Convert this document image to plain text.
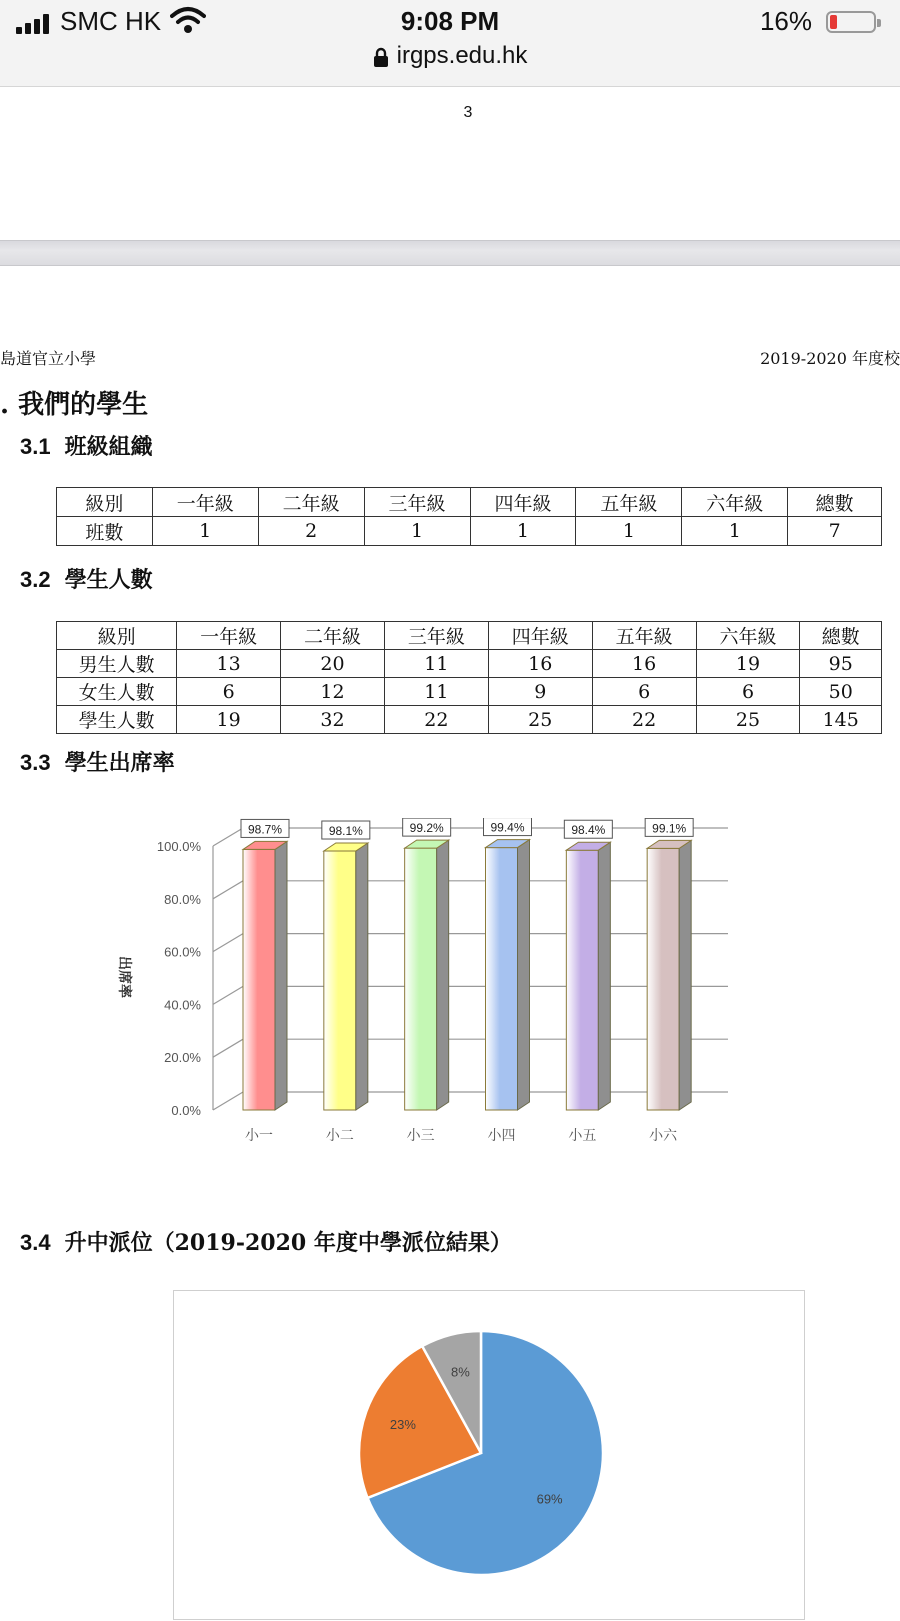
SMC HK	9:08 PM	16%
irgps.edu.hk
3
島道官立小學	2019-2020 年度校
. 我們的學生
3.1 班級組織
級別	一年級	二年級	三年級	四年級	五年級	六年級	總數
班數	1	2	1	1	1	1	7
3.2 學生人數
級別	一年級	二年級	三年級	四年級	五年級	六年級	總數
男生人數	13	20	11	16	16	19	95
女生人數	6	12	11	9	6	6	50
學生人數	19	32	22	25	22	25	145
3.3 學生出席率
0.0%
20.0%
40.0%
60.0%
80.0%
100.0%
出席率
98.7%
小一
98.1%
小二
99.2%
小三
99.4%
小四
98.4%
小五
99.1%
小六
3.4 升中派位（2019-2020 年度中學派位結果）
69%
23%
8%
